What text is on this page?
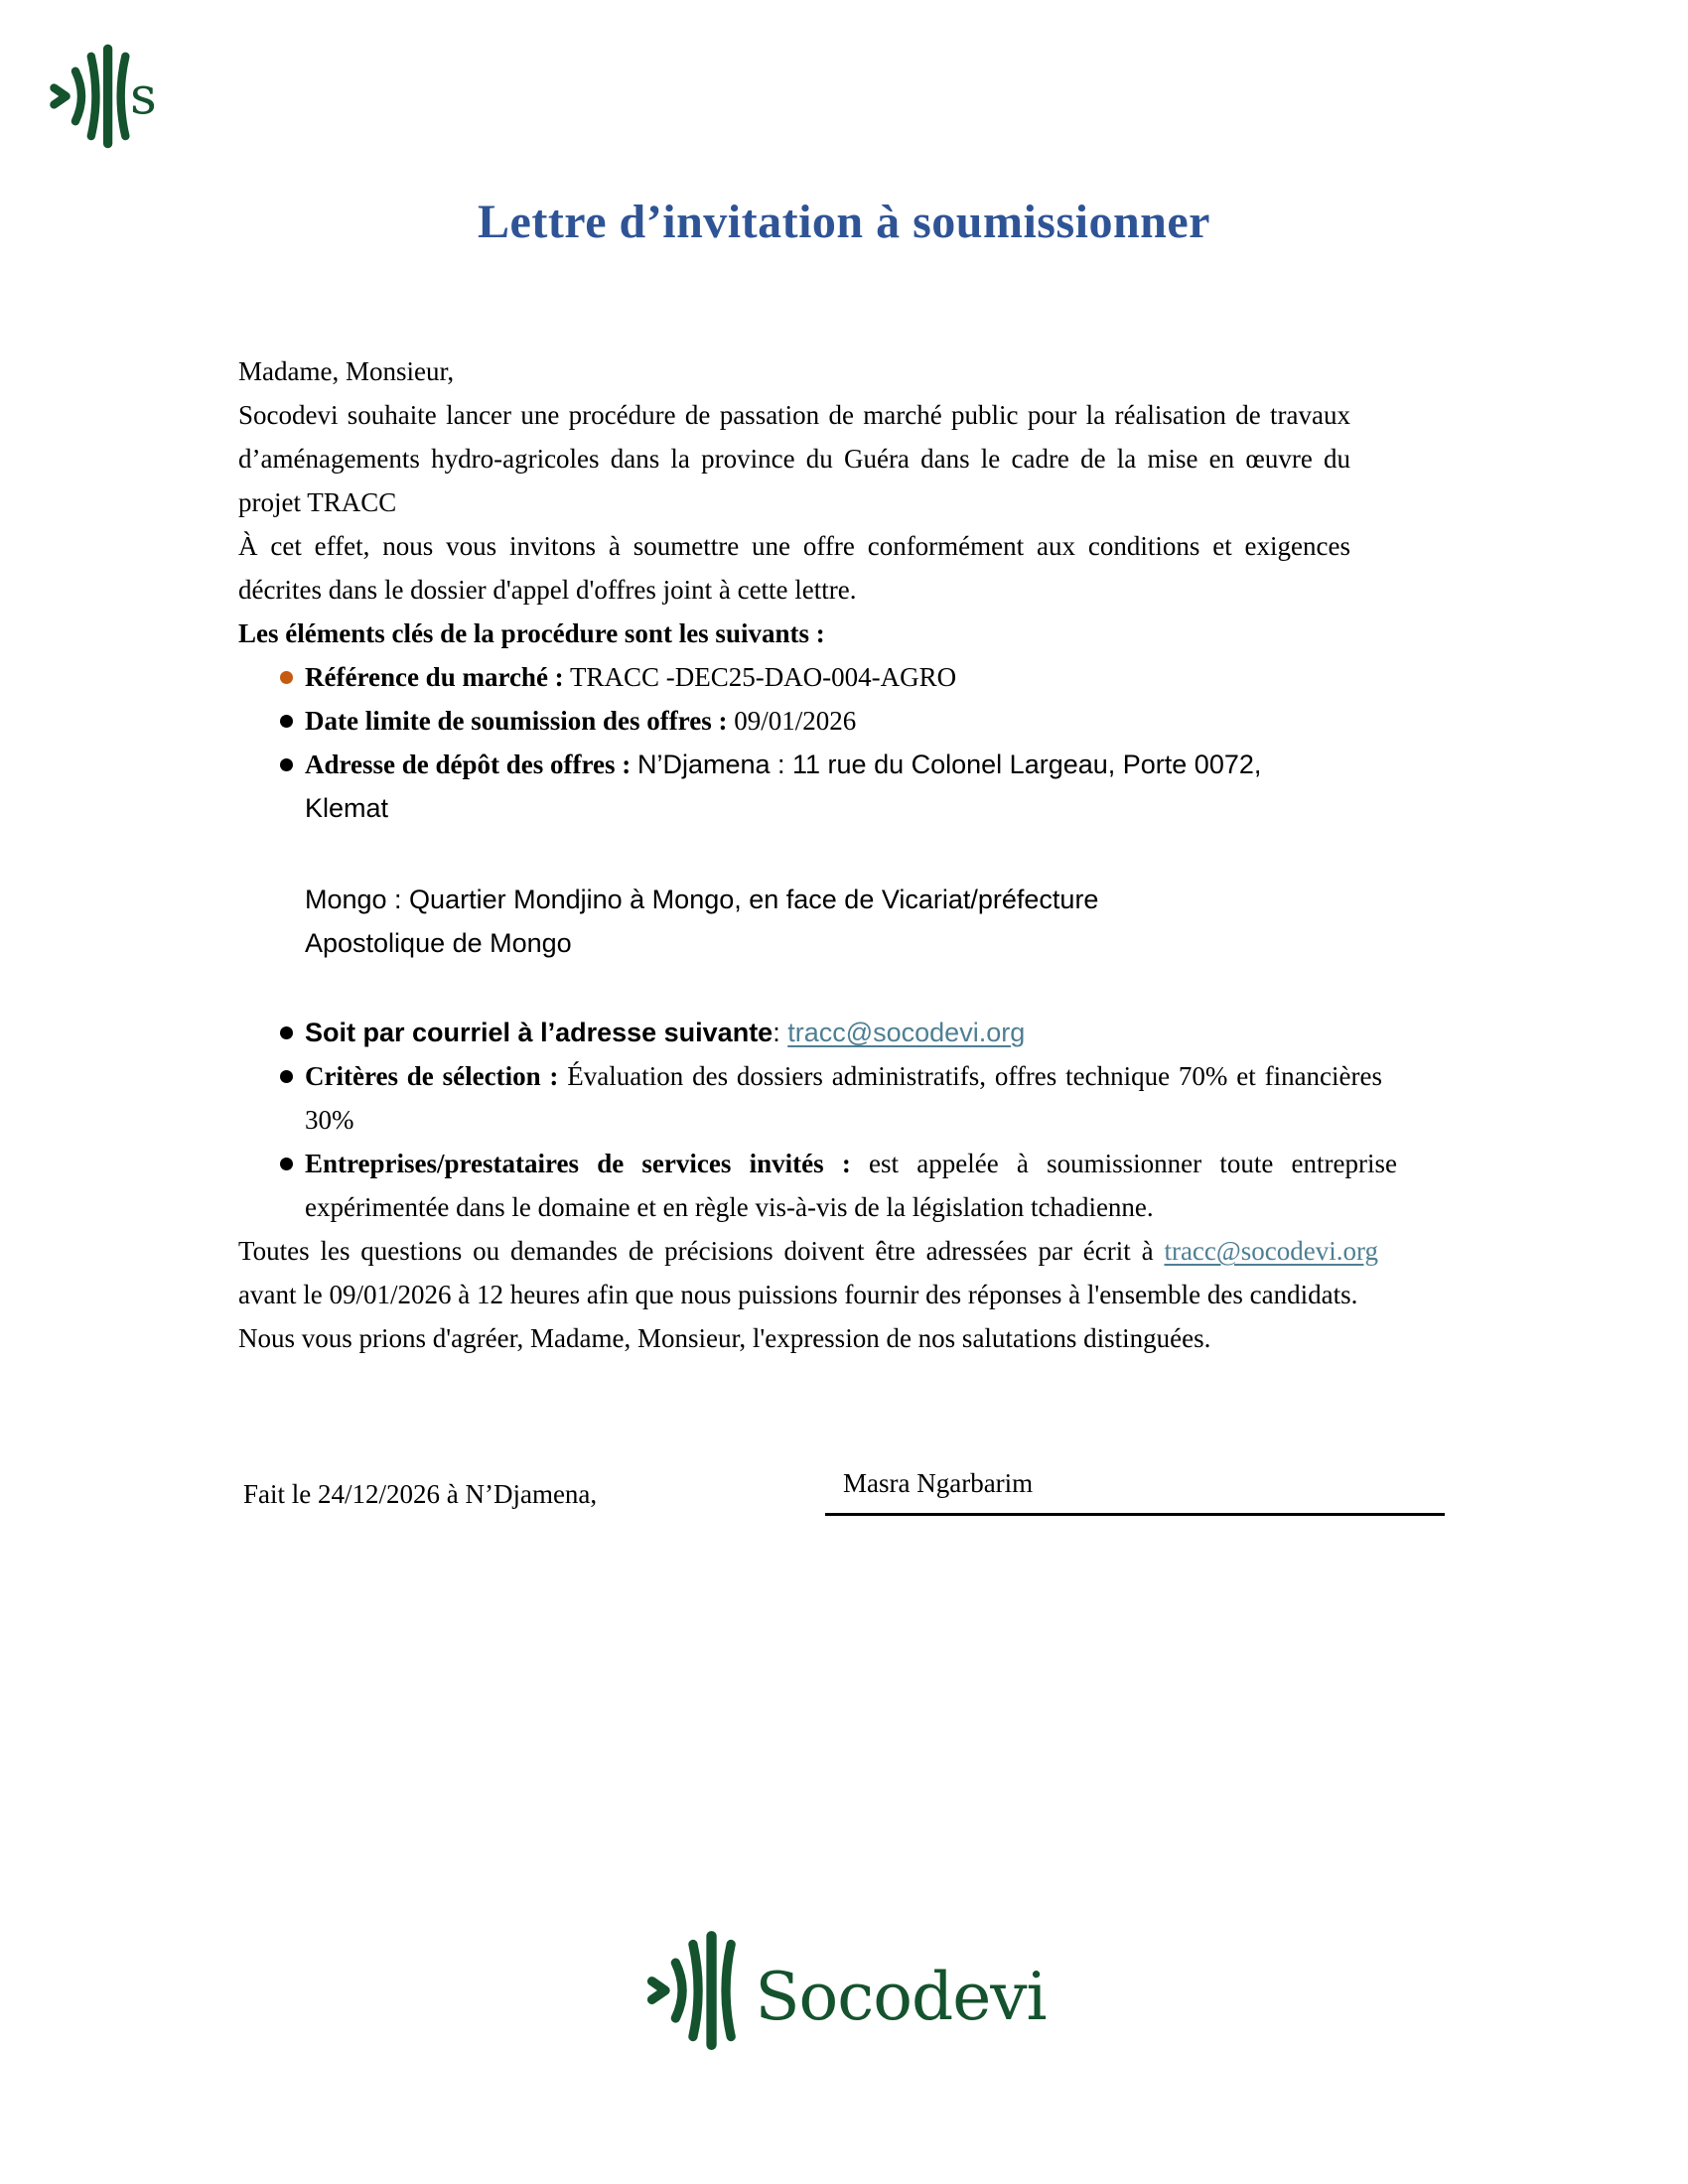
s
Lettre d’invitation à soumissionner

Madame, Monsieur,

Socodevi souhaite lancer une procédure de passation de marché public pour la réalisation de travaux d’aménagements hydro-agricoles dans la province du Guéra dans le cadre de la mise en œuvre du projet TRACC

À cet effet, nous vous invitons à soumettre une offre conformément aux conditions et exigences décrites dans le dossier d'appel d'offres joint à cette lettre.

Les éléments clés de la procédure sont les suivants :

Référence du marché : TRACC -DEC25-DAO-004-AGRO
Date limite de soumission des offres : 09/01/2026
Adresse de dépôt des offres : N’Djamena : 11 rue du Colonel Largeau, Porte 0072, Klemat
Mongo : Quartier Mondjino à Mongo, en face de Vicariat/préfecture Apostolique de Mongo
Soit par courriel à l’adresse suivante: tracc@socodevi.org
Critères de sélection : Évaluation des dossiers administratifs, offres technique 70% et financières 30%
Entreprises/prestataires de services invités : est appelée à soumissionner toute entreprise expérimentée dans le domaine et en règle vis-à-vis de la législation tchadienne.

Toutes les questions ou demandes de précisions doivent être adressées par écrit à tracc@socodevi.org avant le 09/01/2026 à 12 heures afin que nous puissions fournir des réponses à l'ensemble des candidats.

Nous vous prions d'agréer, Madame, Monsieur, l'expression de nos salutations distinguées.

Fait le 24/12/2026 à N’Djamena,	Masra Ngarbarim
Socodevi
